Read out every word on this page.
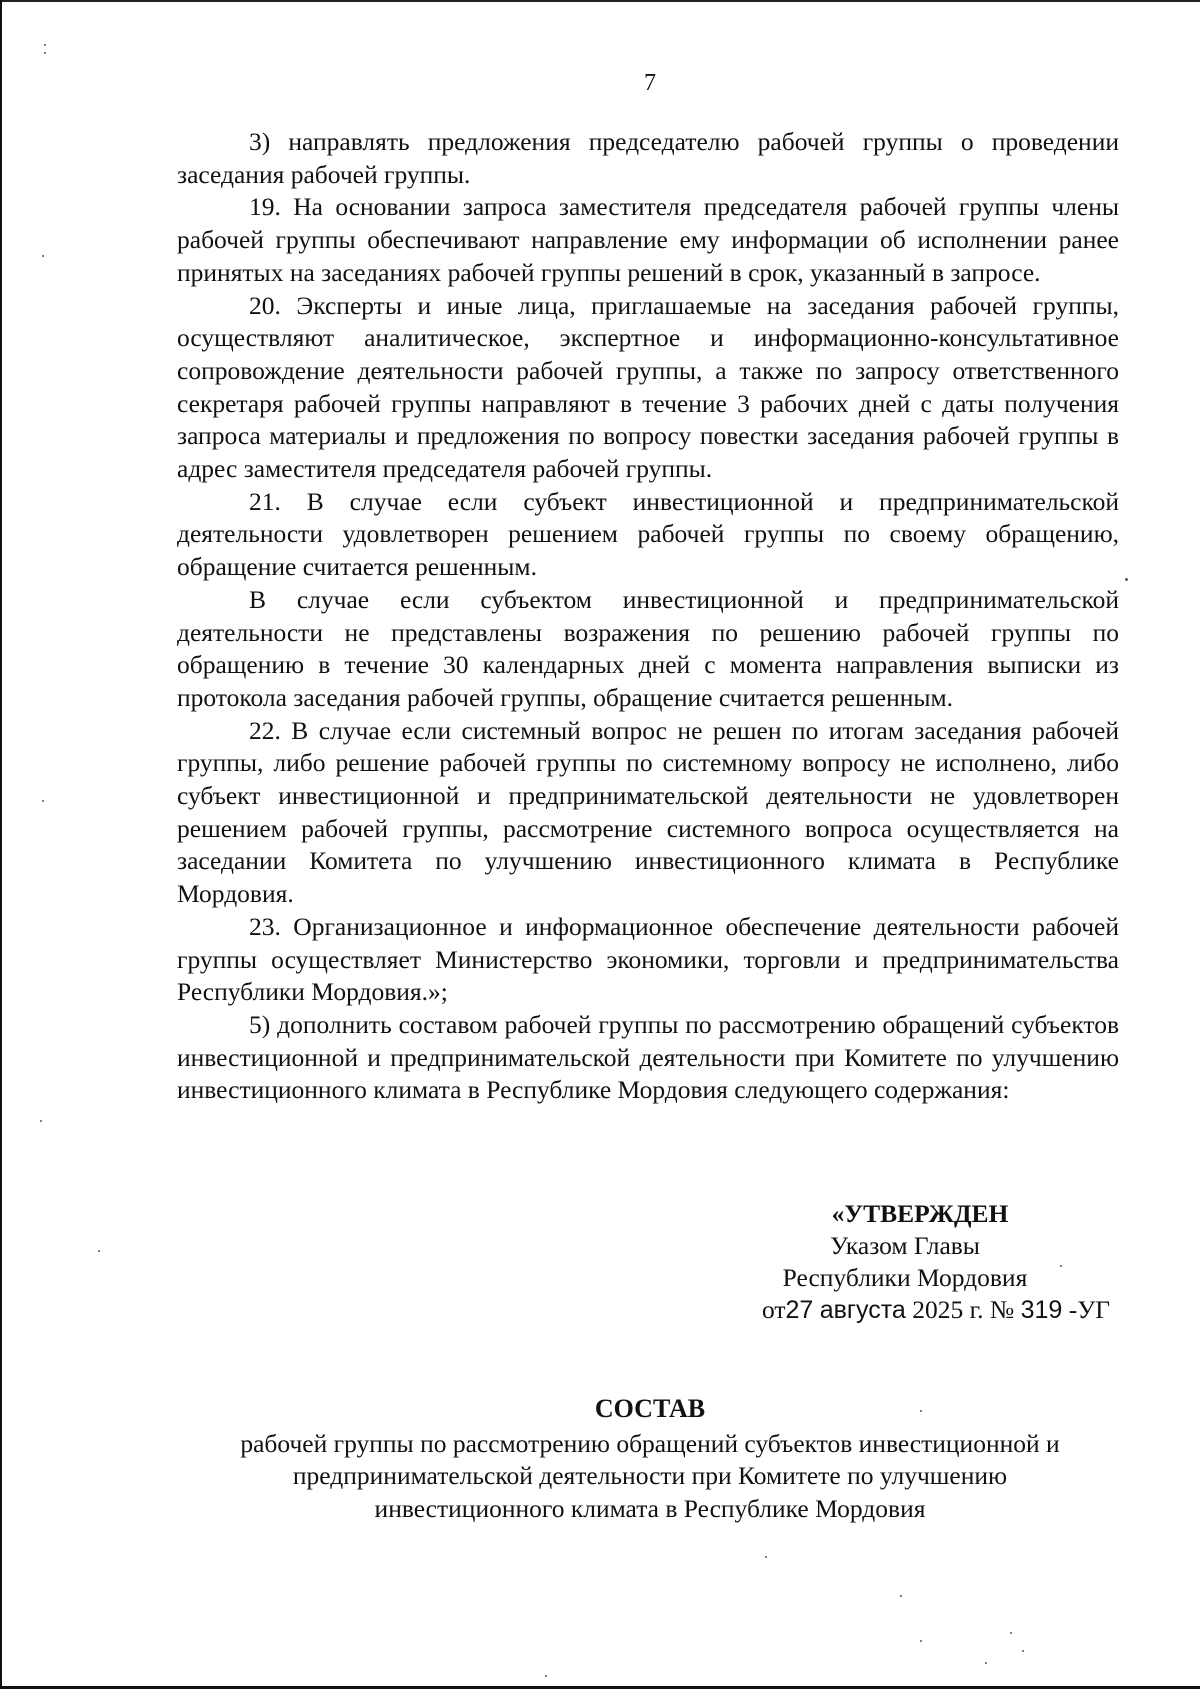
7

3) направлять предложения председателю рабочей группы о проведении заседания рабочей группы.

19. На основании запроса заместителя председателя рабочей группы члены рабочей группы обеспечивают направление ему информации об исполнении ранее принятых на заседаниях рабочей группы решений в срок, указанный в запросе.

20. Эксперты и иные лица, приглашаемые на заседания рабочей группы, осуществляют аналитическое, экспертное и информационно-консультативное сопровождение деятельности рабочей группы, а также по запросу ответственного секретаря рабочей группы направляют в течение 3 рабочих дней с даты получения запроса материалы и предложения по вопросу повестки заседания рабочей группы в адрес заместителя председателя рабочей группы.

21. В случае если субъект инвестиционной и предпринимательской деятельности удовлетворен решением рабочей группы по своему обращению, обращение считается решенным.

В случае если субъектом инвестиционной и предпринимательской деятельности не представлены возражения по решению рабочей группы по обращению в течение 30 календарных дней с момента направления выписки из протокола заседания рабочей группы, обращение считается решенным.

22. В случае если системный вопрос не решен по итогам заседания рабочей группы, либо решение рабочей группы по системному вопросу не исполнено, либо субъект инвестиционной и предпринимательской деятельности не удовлетворен решением рабочей группы, рассмотрение системного вопроса осуществляется на заседании Комитета по улучшению инвестиционного климата в Республике Мордовия.

23. Организационное и информационное обеспечение деятельности рабочей группы осуществляет Министерство экономики, торговли и предпринимательства Республики Мордовия.»;

5) дополнить составом рабочей группы по рассмотрению обращений субъектов инвестиционной и предпринимательской деятельности при Комитете по улучшению инвестиционного климата в Республике Мордовия следующего содержания:

«УТВЕРЖДЕН
Указом Главы
Республики Мордовия
от27 августа 2025 г. № 319 -УГ
СОСТАВ
рабочей группы по рассмотрению обращений субъектов инвестиционной и
предпринимательской деятельности при Комитете по улучшению
инвестиционного климата в Республике Мордовия
